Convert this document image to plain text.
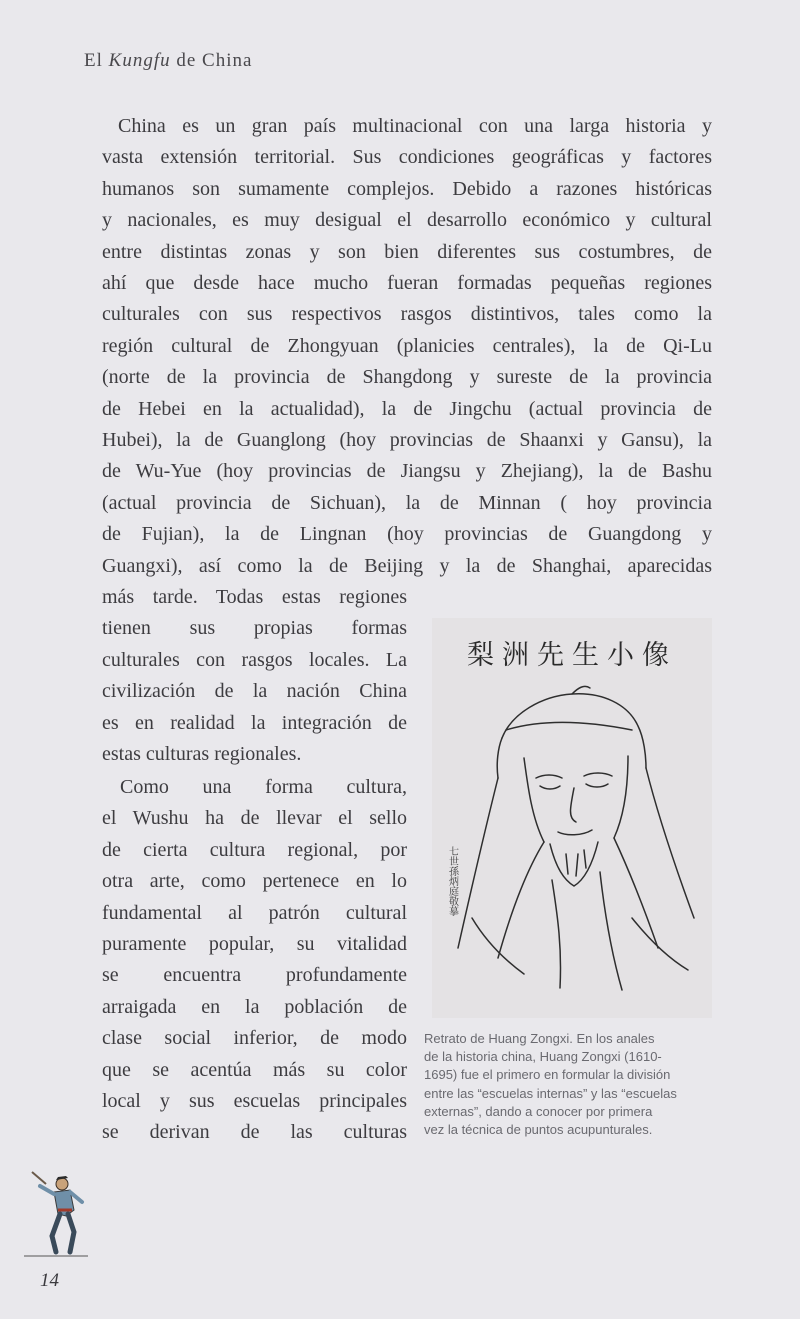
El Kungfu de China
China es un gran país multinacional con una larga historia y
vasta extensión territorial. Sus condiciones geográficas y factores
humanos son sumamente complejos. Debido a razones históricas
y nacionales, es muy desigual el desarrollo económico y cultural
entre distintas zonas y son bien diferentes sus costumbres, de
ahí que desde hace mucho fueran formadas pequeñas regiones
culturales con sus respectivos rasgos distintivos, tales como la
región cultural de Zhongyuan (planicies centrales), la de Qi-Lu
(norte de la provincia de Shangdong y sureste de la provincia
de Hebei en la actualidad), la de Jingchu (actual provincia de
Hubei), la de Guanglong (hoy provincias de Shaanxi y Gansu), la
de Wu-Yue (hoy provincias de Jiangsu y Zhejiang), la de Bashu
(actual provincia de Sichuan), la de Minnan ( hoy provincia
de Fujian), la de Lingnan (hoy provincias de Guangdong y
Guangxi), así como la de Beijing y la de Shanghai, aparecidas
más tarde. Todas estas regiones
tienen sus propias formas
culturales con rasgos locales. La
civilización de la nación China
es en realidad la integración de
estas culturas regionales.
Como una forma cultura,
el Wushu ha de llevar el sello
de cierta cultura regional, por
otra arte, como pertenece en lo
fundamental al patrón cultural
puramente popular, su vitalidad
se encuentra profundamente
arraigada en la población de
clase social inferior, de modo
que se acentúa más su color
local y sus escuelas principales
se derivan de las culturas
梨洲先生小像
七世孫炳庭敬摹
Retrato de Huang Zongxi. En los anales
de la historia china, Huang Zongxi (1610-
1695) fue el primero en formular la división
entre las “escuelas internas” y las “escuelas
externas”, dando a conocer por primera
vez la técnica de puntos acupunturales.
14
